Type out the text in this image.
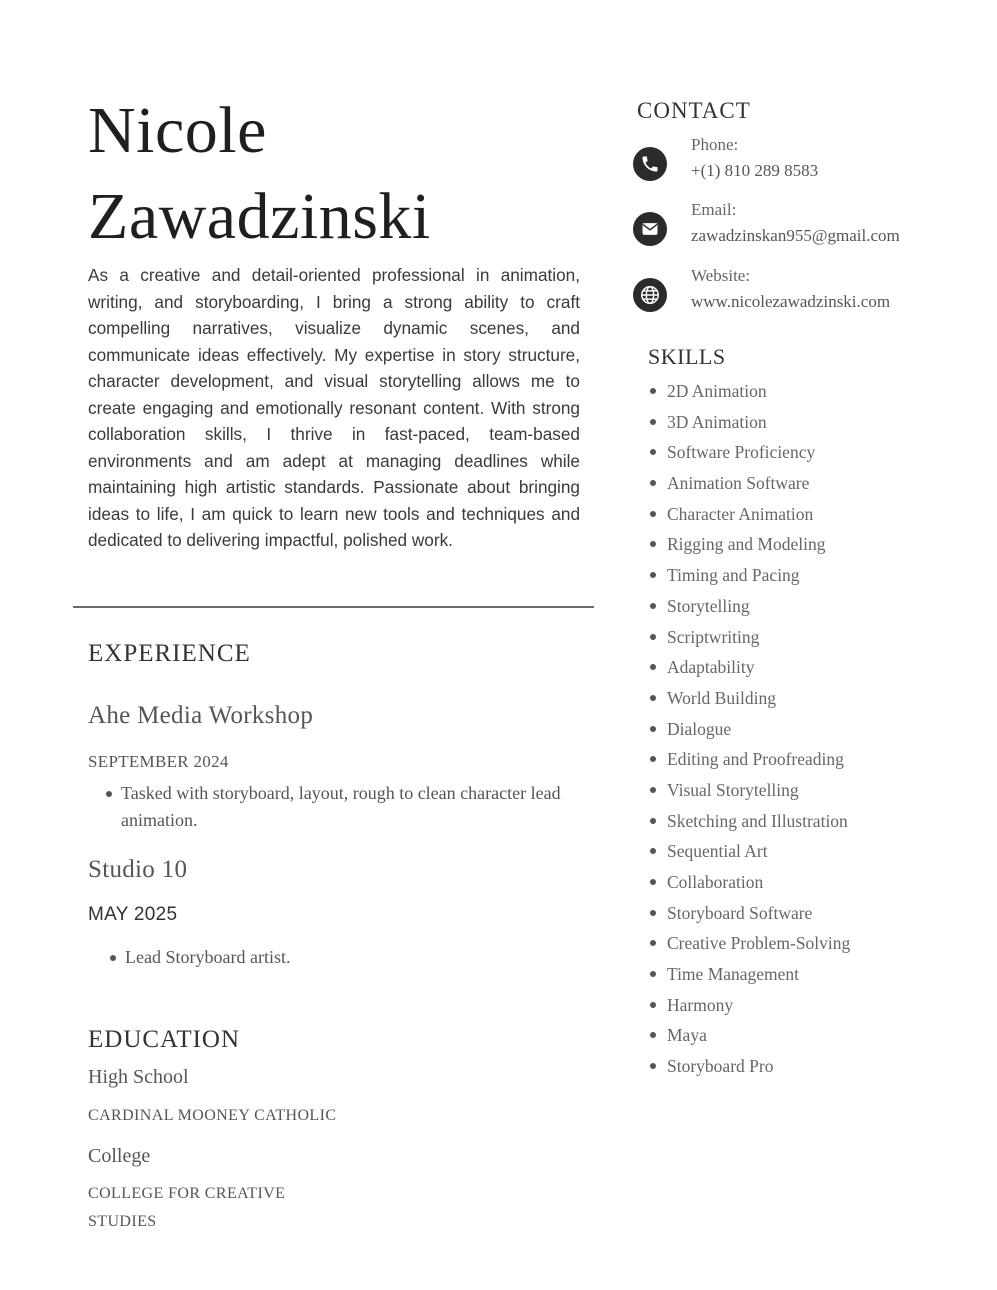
Nicole
Zawadzinski

As a creative and detail-oriented professional in animation, writing, and storyboarding, I bring a strong ability to craft compelling narratives, visualize dynamic scenes, and communicate ideas effectively. My expertise in story structure, character development, and visual storytelling allows me to create engaging and emotionally resonant content. With strong collaboration skills, I thrive in fast-paced, team-based environments and am adept at managing deadlines while maintaining high artistic standards. Passionate about bringing ideas to life, I am quick to learn new tools and techniques and dedicated to delivering impactful, polished work.

EXPERIENCE
Ahe Media Workshop
SEPTEMBER 2024
Tasked with storyboard, layout, rough to clean character lead animation.
Studio 10
MAY 2025
Lead Storyboard artist.
EDUCATION
High School
CARDINAL MOONEY CATHOLIC
College
COLLEGE FOR CREATIVE STUDIES
CONTACT
Phone:
+(1) 810 289 8583
Email:
zawadzinskan955@gmail.com
Website:
www.nicolezawadzinski.com
SKILLS
2D Animation
3D Animation
Software Proficiency
Animation Software
Character Animation
Rigging and Modeling
Timing and Pacing
Storytelling
Scriptwriting
Adaptability
World Building
Dialogue
Editing and Proofreading
Visual Storytelling
Sketching and Illustration
Sequential Art
Collaboration
Storyboard Software
Creative Problem-Solving
Time Management
Harmony
Maya
Storyboard Pro
